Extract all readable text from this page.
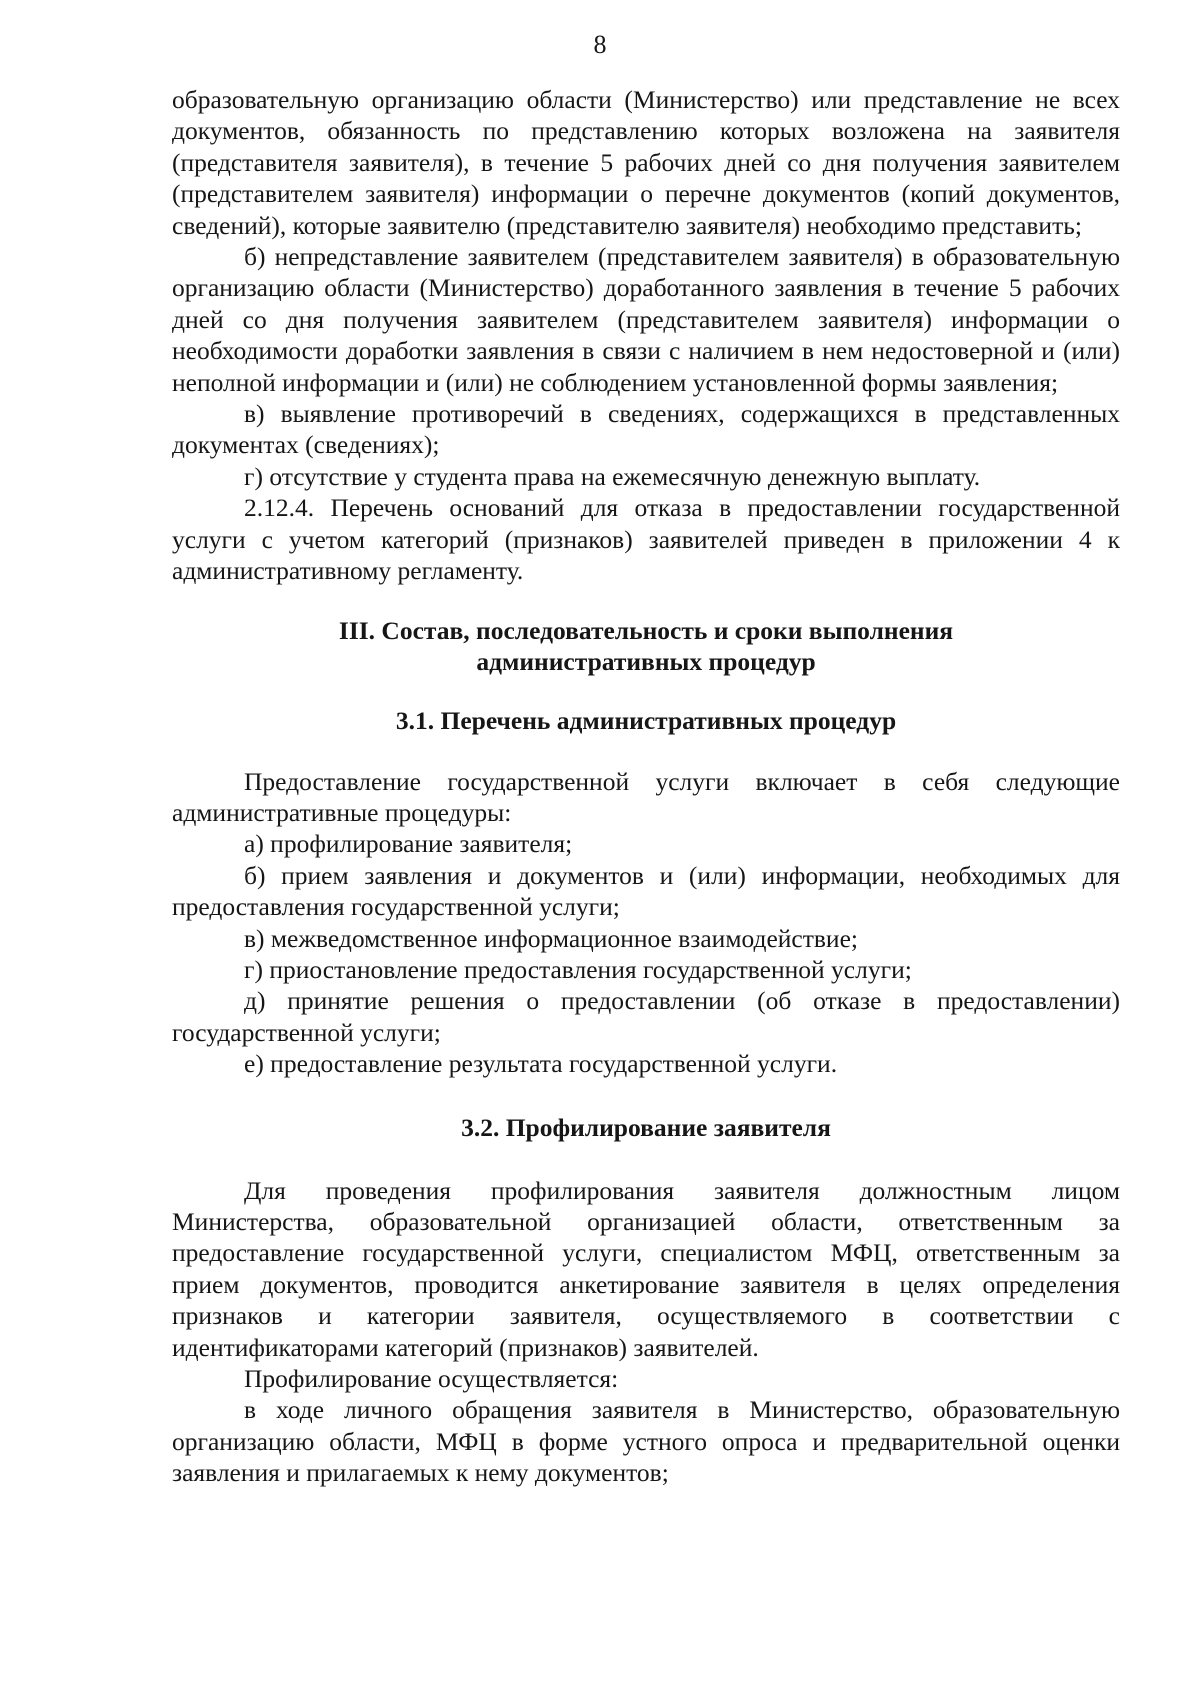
8

образовательную организацию области (Министерство) или представление не всех документов, обязанность по представлению которых возложена на заявителя (представителя заявителя), в течение 5 рабочих дней со дня получения заявителем (представителем заявителя) информации о перечне документов (копий документов, сведений), которые заявителю (представителю заявителя) необходимо представить;

б) непредставление заявителем (представителем заявителя) в образовательную организацию области (Министерство) доработанного заявления в течение 5 рабочих дней со дня получения заявителем (представителем заявителя) информации о необходимости доработки заявления в связи с наличием в нем недостоверной и (или) неполной информации и (или) не соблюдением установленной формы заявления;

в) выявление противоречий в сведениях, содержащихся в представленных документах (сведениях);

г) отсутствие у студента права на ежемесячную денежную выплату.

2.12.4. Перечень оснований для отказа в предоставлении государственной услуги с учетом категорий (признаков) заявителей приведен в приложении 4 к административному регламенту.

III. Состав, последовательность и сроки выполнения
административных процедур
3.1. Перечень административных процедур

Предоставление государственной услуги включает в себя следующие административные процедуры:

а) профилирование заявителя;

б) прием заявления и документов и (или) информации, необходимых для предоставления государственной услуги;

в) межведомственное информационное взаимодействие;

г) приостановление предоставления государственной услуги;

д) принятие решения о предоставлении (об отказе в предоставлении) государственной услуги;

е) предоставление результата государственной услуги.

3.2. Профилирование заявителя

Для проведения профилирования заявителя должностным лицом Министерства, образовательной организацией области, ответственным за предоставление государственной услуги, специалистом МФЦ, ответственным за прием документов, проводится анкетирование заявителя в целях определения признаков и категории заявителя, осуществляемого в соответствии с идентификаторами категорий (признаков) заявителей.

Профилирование осуществляется:

в ходе личного обращения заявителя в Министерство, образовательную организацию области, МФЦ в форме устного опроса и предварительной оценки заявления и прилагаемых к нему документов;
